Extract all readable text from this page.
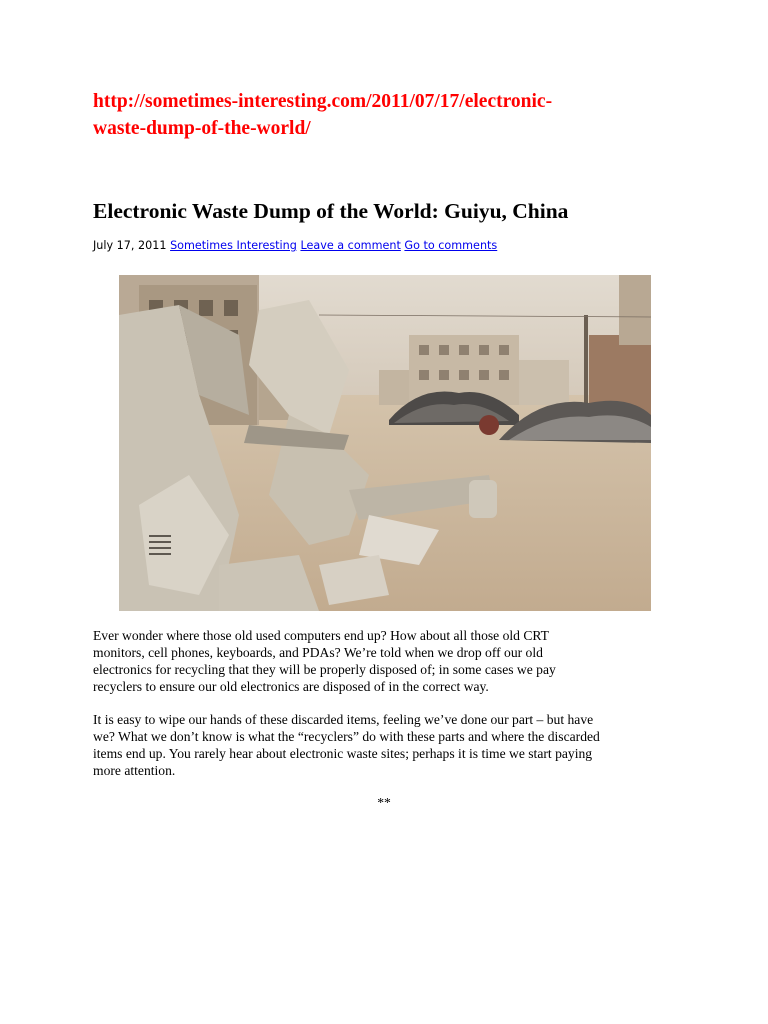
http://sometimes-interesting.com/2011/07/17/electronic-
waste-dump-of-the-world/
Electronic Waste Dump of the World: Guiyu, China
July 17, 2011 Sometimes Interesting Leave a comment Go to comments

Ever wonder where those old used computers end up? How about all those old CRT
monitors, cell phones, keyboards, and PDAs? We’re told when we drop off our old
electronics for recycling that they will be properly disposed of; in some cases we pay
recyclers to ensure our old electronics are disposed of in the correct way.

It is easy to wipe our hands of these discarded items, feeling we’ve done our part – but have
we? What we don’t know is what the “recyclers” do with these parts and where the discarded
items end up. You rarely hear about electronic waste sites; perhaps it is time we start paying
more attention.

**
